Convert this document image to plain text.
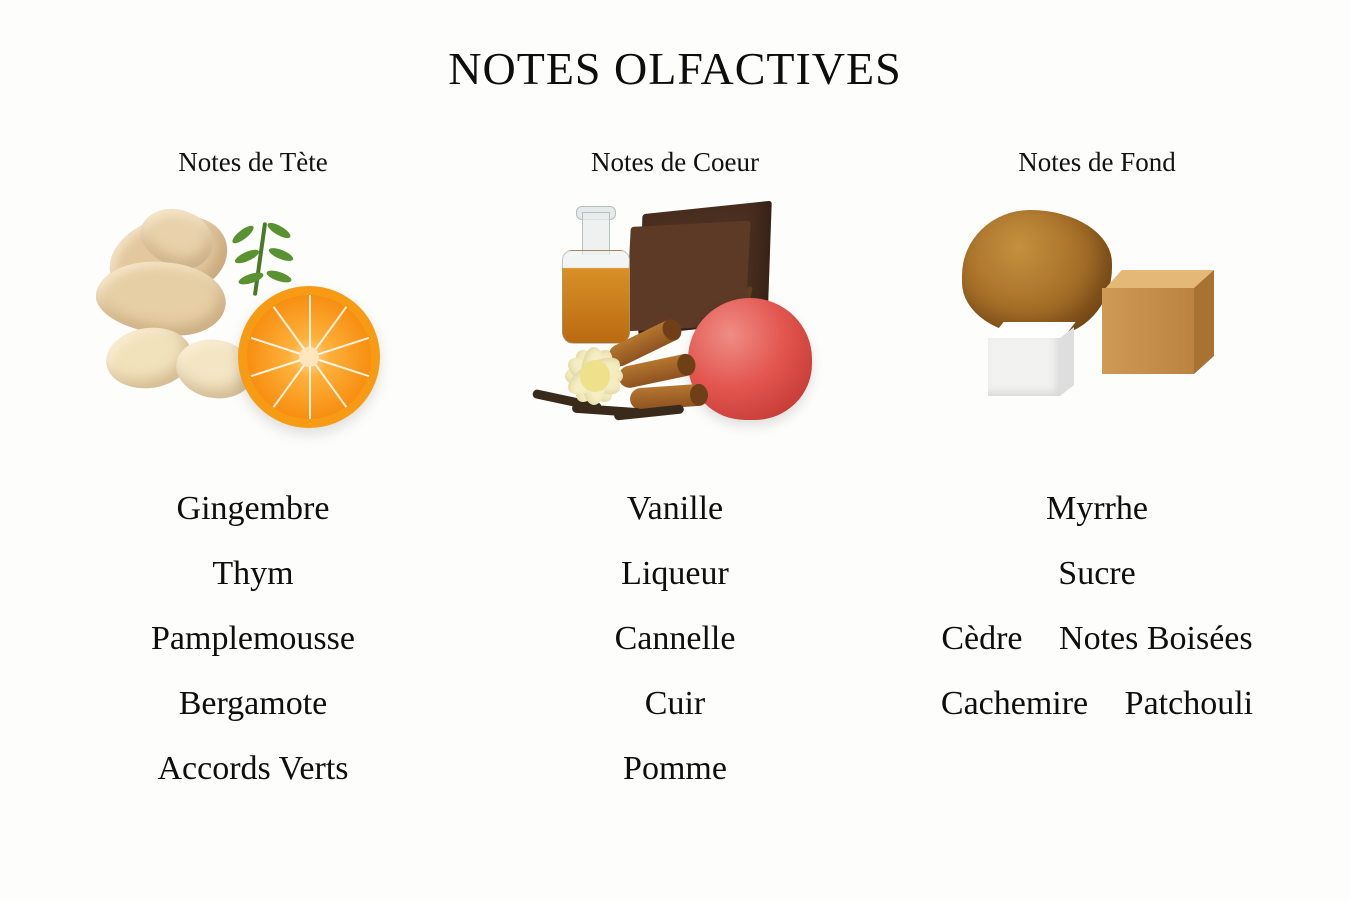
NOTES OLFACTIVES
Notes de Tète
Gingembre
Thym
Pamplemousse
Bergamote
Accords Verts
Notes de Coeur
Vanille
Liqueur
Cannelle
Cuir
Pomme
Notes de Fond
Myrrhe
Sucre
Cèdre Notes Boisées
Cachemire Patchouli
